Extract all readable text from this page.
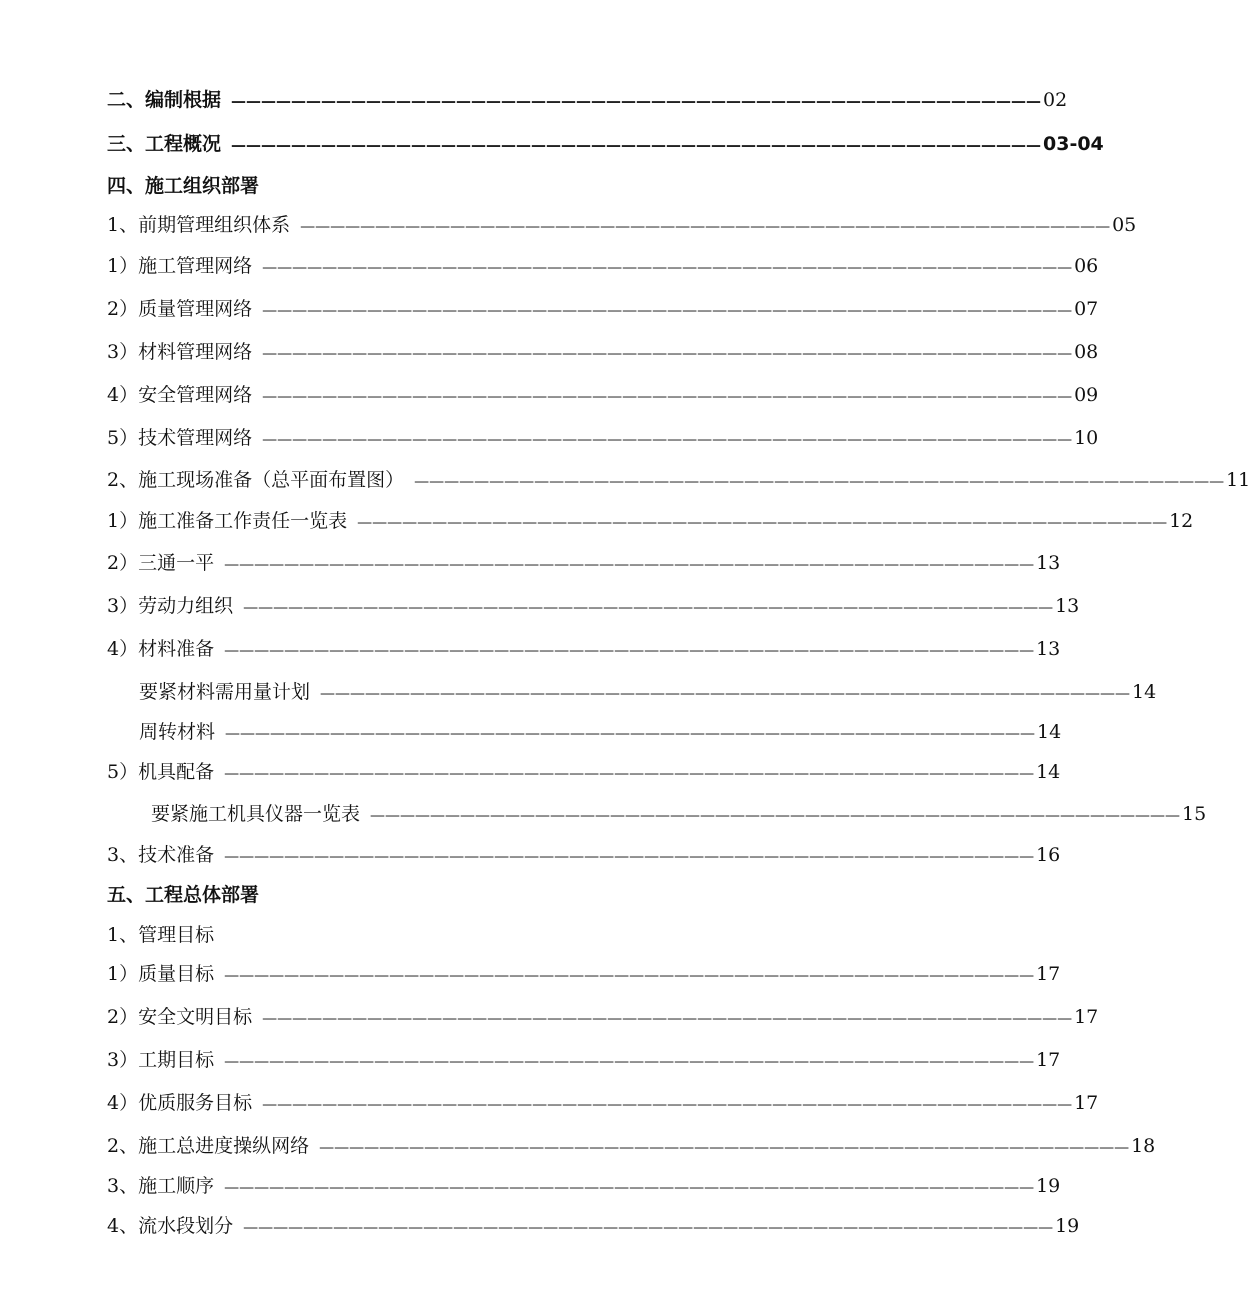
二、编制根据 —————————————————————————————————————————————————————— 02
三、工程概况 —————————————————————————————————————————————————————— 03-04
四、施工组织部署
1、前期管理组织体系 —————————————————————————————————————————————————————— 05
1）施工管理网络 —————————————————————————————————————————————————————— 06
2）质量管理网络 —————————————————————————————————————————————————————— 07
3）材料管理网络 —————————————————————————————————————————————————————— 08
4）安全管理网络 —————————————————————————————————————————————————————— 09
5）技术管理网络 —————————————————————————————————————————————————————— 10
2、施工现场准备（总平面布置图） —————————————————————————————————————————————————————— 11
1）施工准备工作责任一览表 —————————————————————————————————————————————————————— 12
2）三通一平 —————————————————————————————————————————————————————— 13
3）劳动力组织 —————————————————————————————————————————————————————— 13
4）材料准备 —————————————————————————————————————————————————————— 13
要紧材料需用量计划 —————————————————————————————————————————————————————— 14
周转材料 —————————————————————————————————————————————————————— 14
5）机具配备 —————————————————————————————————————————————————————— 14
要紧施工机具仪器一览表 —————————————————————————————————————————————————————— 15
3、技术准备 —————————————————————————————————————————————————————— 16
五、工程总体部署
1、管理目标
1）质量目标 —————————————————————————————————————————————————————— 17
2）安全文明目标 —————————————————————————————————————————————————————— 17
3）工期目标 —————————————————————————————————————————————————————— 17
4）优质服务目标 —————————————————————————————————————————————————————— 17
2、施工总进度操纵网络 —————————————————————————————————————————————————————— 18
3、施工顺序 —————————————————————————————————————————————————————— 19
4、流水段划分 —————————————————————————————————————————————————————— 19
